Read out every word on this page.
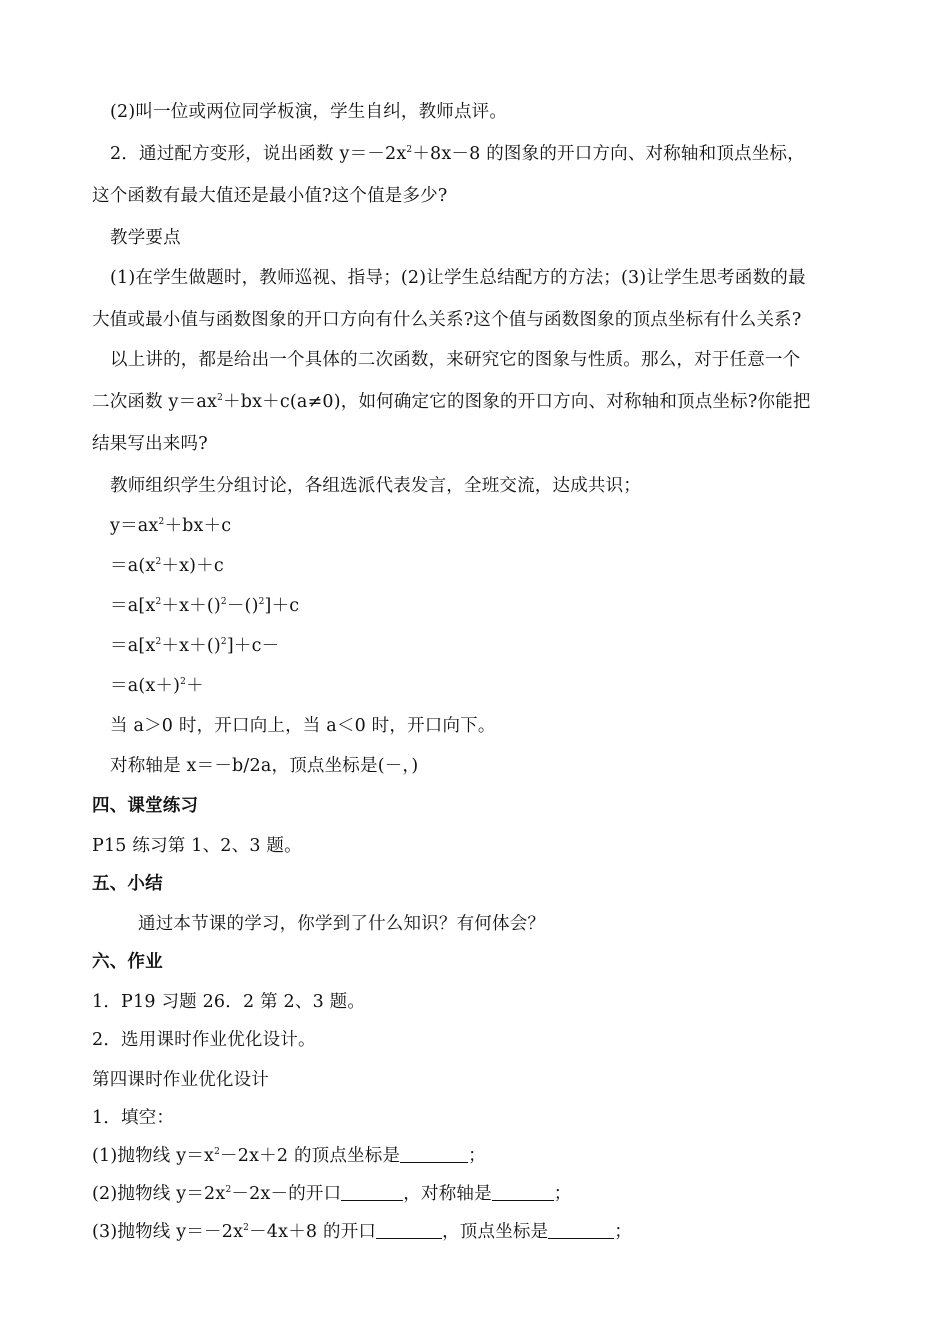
(2)叫一位或两位同学板演，学生自纠，教师点评。
2．通过配方变形，说出函数 $y=-2x^2+8x-8$ 的图象的开口方向、对称轴和顶点坐标，
这个函数有最大值还是最小值?这个值是多少?
教学要点
(1)在学生做题时，教师巡视、指导；(2)让学生总结配方的方法；(3)让学生思考函数的最
大值或最小值与函数图象的开口方向有什么关系?这个值与函数图象的顶点坐标有什么关系?
以上讲的，都是给出一个具体的二次函数，来研究它的图象与性质。那么，对于任意一个
二次函数 $y=ax^2+bx+c(a\ne 0)$，如何确定它的图象的开口方向、对称轴和顶点坐标?你能把
结果写出来吗?
教师组织学生分组讨论，各组选派代表发言，全班交流，达成共识；
$y=ax^2+bx+c$
$=a(x^2+x)+c$
$=a[x^2+x+()^2-()^2]+c$
$=a[x^2+x+()^2]+c-$
$=a(x+)^2+$
当 a＞0 时，开口向上，当 a＜0 时，开口向下。
对称轴是 x＝－b/2a，顶点坐标是(－，)
四、课堂练习
P15 练习第 1、2、3 题。
五、小结
通过本节课的学习，你学到了什么知识？有何体会？
六、作业
1．P19 习题 26．2 第 2、3 题。
2．选用课时作业优化设计。
第四课时作业优化设计
1．填空：
(1)抛物线 $y=x^2-2x+2$ 的顶点坐标是	；
(2)抛物线 $y=2x^2-2x-$的开口	，对称轴是	；
(3)抛物线 $y=-2x^2-4x+8$ 的开口	，顶点坐标是	；
